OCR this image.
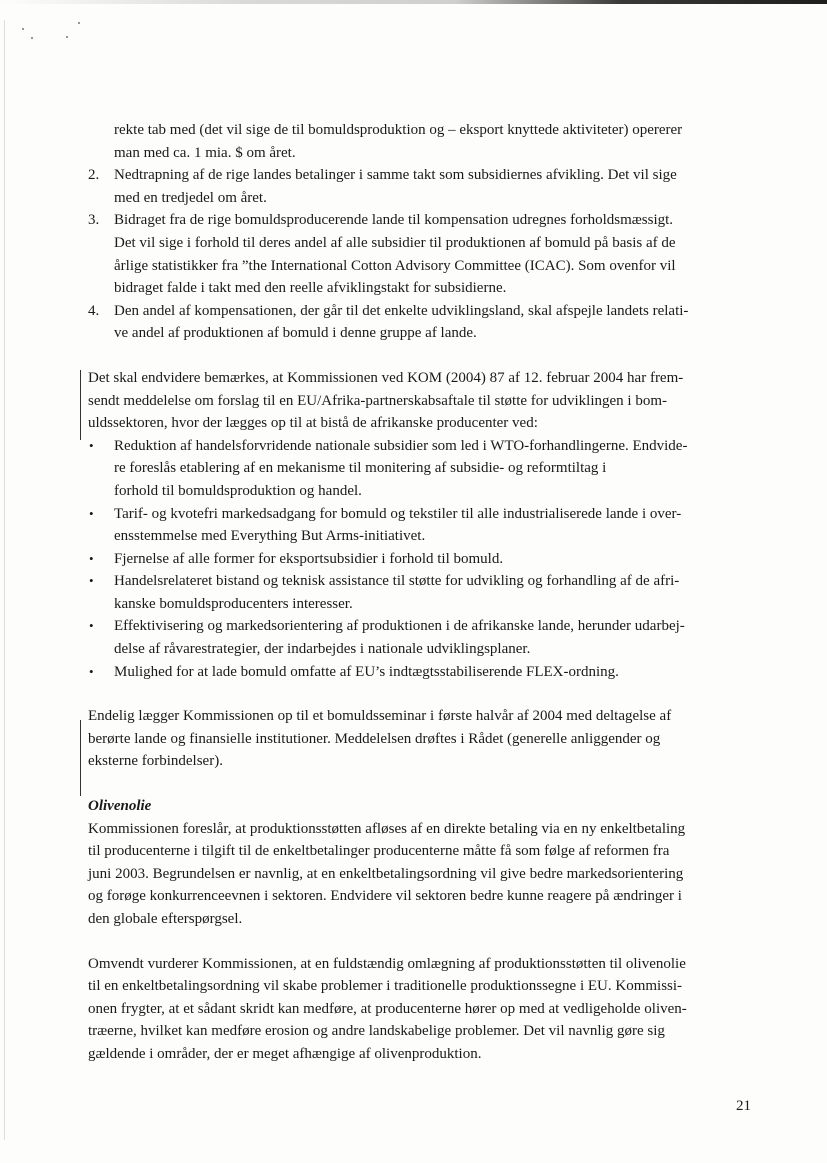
rekte tab med (det vil sige de til bomuldsproduktion og – eksport knyttede aktiviteter) opererer
man med ca. 1 mia. $ om året.
2. Nedtrapning af de rige landes betalinger i samme takt som subsidiernes afvikling. Det vil sige
med en tredjedel om året.
3. Bidraget fra de rige bomuldsproducerende lande til kompensation udregnes forholdsmæssigt.
Det vil sige i forhold til deres andel af alle subsidier til produktionen af bomuld på basis af de
årlige statistikker fra ”the International Cotton Advisory Committee (ICAC). Som ovenfor vil
bidraget falde i takt med den reelle afviklingstakt for subsidierne.
4. Den andel af kompensationen, der går til det enkelte udviklingsland, skal afspejle landets relati-
ve andel af produktionen af bomuld i denne gruppe af lande.

Det skal endvidere bemærkes, at Kommissionen ved KOM (2004) 87 af 12. februar 2004 har frem-
sendt meddelelse om forslag til en EU/Afrika-partnerskabsaftale til støtte for udviklingen i bom-
uldssektoren, hvor der lægges op til at bistå de afrikanske producenter ved:

• Reduktion af handelsforvridende nationale subsidier som led i WTO-forhandlingerne. Endvide-
re foreslås etablering af en mekanisme til monitering af subsidie- og reformtiltag i
forhold til bomuldsproduktion og handel.
• Tarif- og kvotefri markedsadgang for bomuld og tekstiler til alle industrialiserede lande i over-
ensstemmelse med Everything But Arms-initiativet.
• Fjernelse af alle former for eksportsubsidier i forhold til bomuld.
• Handelsrelateret bistand og teknisk assistance til støtte for udvikling og forhandling af de afri-
kanske bomuldsproducenters interesser.
• Effektivisering og markedsorientering af produktionen i de afrikanske lande, herunder udarbej-
delse af råvarestrategier, der indarbejdes i nationale udviklingsplaner.
• Mulighed for at lade bomuld omfatte af EU’s indtægtsstabiliserende FLEX-ordning.

Endelig lægger Kommissionen op til et bomuldsseminar i første halvår af 2004 med deltagelse af
berørte lande og finansielle institutioner. Meddelelsen drøftes i Rådet (generelle anliggender og
eksterne forbindelser).

Olivenolie

Kommissionen foreslår, at produktionsstøtten afløses af en direkte betaling via en ny enkeltbetaling
til producenterne i tilgift til de enkeltbetalinger producenterne måtte få som følge af reformen fra
juni 2003. Begrundelsen er navnlig, at en enkeltbetalingsordning vil give bedre markedsorientering
og forøge konkurrenceevnen i sektoren. Endvidere vil sektoren bedre kunne reagere på ændringer i
den globale efterspørgsel.

Omvendt vurderer Kommissionen, at en fuldstændig omlægning af produktionsstøtten til olivenolie
til en enkeltbetalingsordning vil skabe problemer i traditionelle produktionssegne i EU. Kommissi-
onen frygter, at et sådant skridt kan medføre, at producenterne hører op med at vedligeholde oliven-
træerne, hvilket kan medføre erosion og andre landskabelige problemer. Det vil navnlig gøre sig
gældende i områder, der er meget afhængige af olivenproduktion.

21
